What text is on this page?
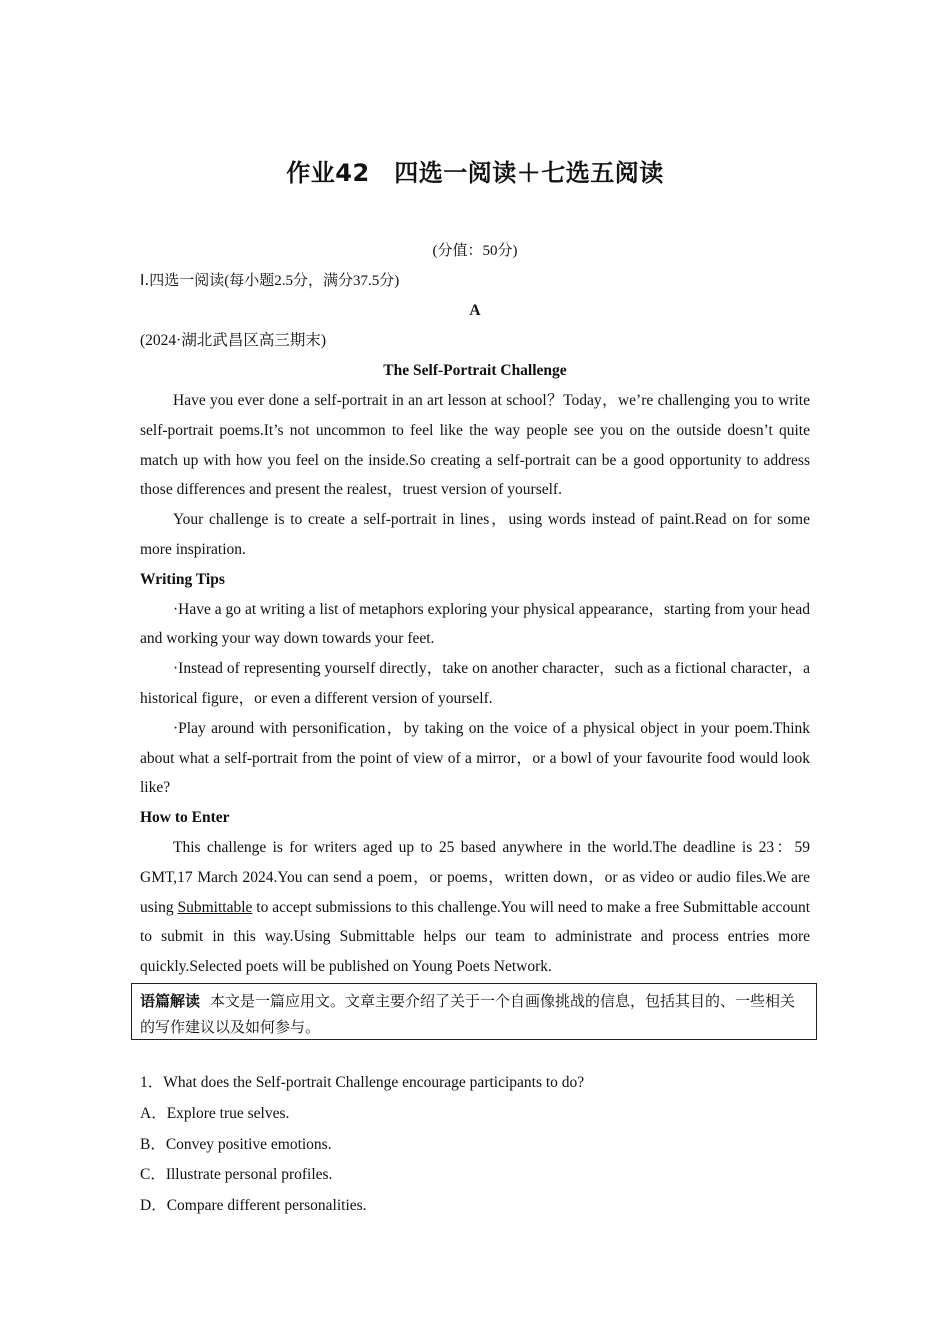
作业42　四选一阅读＋七选五阅读
(分值：50分)

Ⅰ.四选一阅读(每小题2.5分，满分37.5分)

A

(2024·湖北武昌区高三期末)

The Self-Portrait Challenge

Have you ever done a self-portrait in an art lesson at school？Today，we’re challenging you to write self-portrait poems.It’s not uncommon to feel like the way people see you on the outside doesn’t quite match up with how you feel on the inside.So creating a self-portrait can be a good opportunity to address those differences and present the realest，truest version of yourself.

Your challenge is to create a self-portrait in lines，using words instead of paint.Read on for some more inspiration.

Writing Tips

·Have a go at writing a list of metaphors exploring your physical appearance，starting from your head and working your way down towards your feet.

·Instead of representing yourself directly，take on another character，such as a fictional character，a historical figure，or even a different version of yourself.

·Play around with personification，by taking on the voice of a physical object in your poem.Think about what a self-portrait from the point of view of a mirror，or a bowl of your favourite food would look like?

How to Enter

This challenge is for writers aged up to 25 based anywhere in the world.The deadline is 23：59 GMT,17 March 2024.You can send a poem，or poems，written down，or as video or audio files.We are using Submittable to accept submissions to this challenge.You will need to make a free Submittable account to submit in this way.Using Submittable helps our team to administrate and process entries more quickly.Selected poets will be published on Young Poets Network.

语篇解读 本文是一篇应用文。文章主要介绍了关于一个自画像挑战的信息，包括其目的、一些相关的写作建议以及如何参与。
1．What does the Self-portrait Challenge encourage participants to do?
A．Explore true selves.
B．Convey positive emotions.
C．Illustrate personal profiles.
D．Compare different personalities.
